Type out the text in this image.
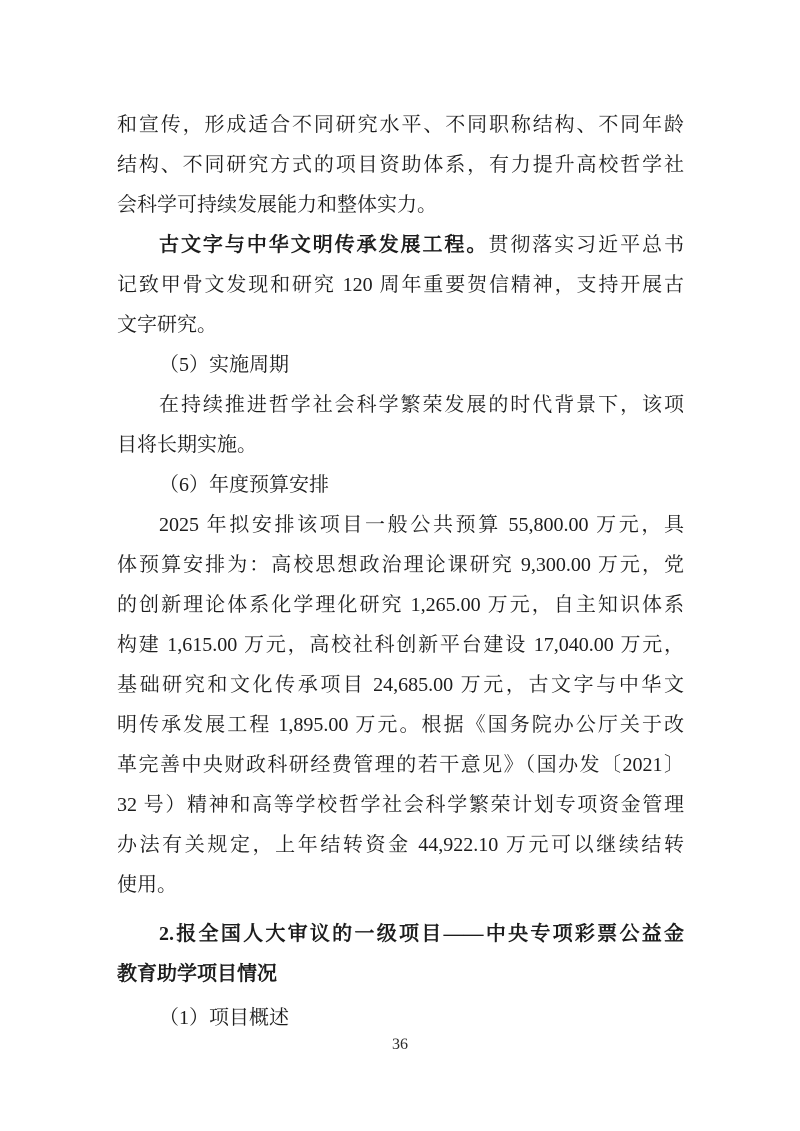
和宣传，形成适合不同研究水平、不同职称结构、不同年龄
结构、不同研究方式的项目资助体系，有力提升高校哲学社
会科学可持续发展能力和整体实力。
古文字与中华文明传承发展工程。贯彻落实习近平总书
记致甲骨文发现和研究 120 周年重要贺信精神，支持开展古
文字研究。
（5）实施周期
在持续推进哲学社会科学繁荣发展的时代背景下，该项
目将长期实施。
（6）年度预算安排
2025 年拟安排该项目一般公共预算 55,800.00 万元，具
体预算安排为：高校思想政治理论课研究 9,300.00 万元，党
的创新理论体系化学理化研究 1,265.00 万元，自主知识体系
构建 1,615.00 万元，高校社科创新平台建设 17,040.00 万元，
基础研究和文化传承项目 24,685.00 万元，古文字与中华文
明传承发展工程 1,895.00 万元。根据《国务院办公厅关于改
革完善中央财政科研经费管理的若干意见》（国办发〔2021〕
32 号）精神和高等学校哲学社会科学繁荣计划专项资金管理
办法有关规定，上年结转资金 44,922.10 万元可以继续结转
使用。
2.报全国人大审议的一级项目——中央专项彩票公益金
教育助学项目情况
（1）项目概述
36
